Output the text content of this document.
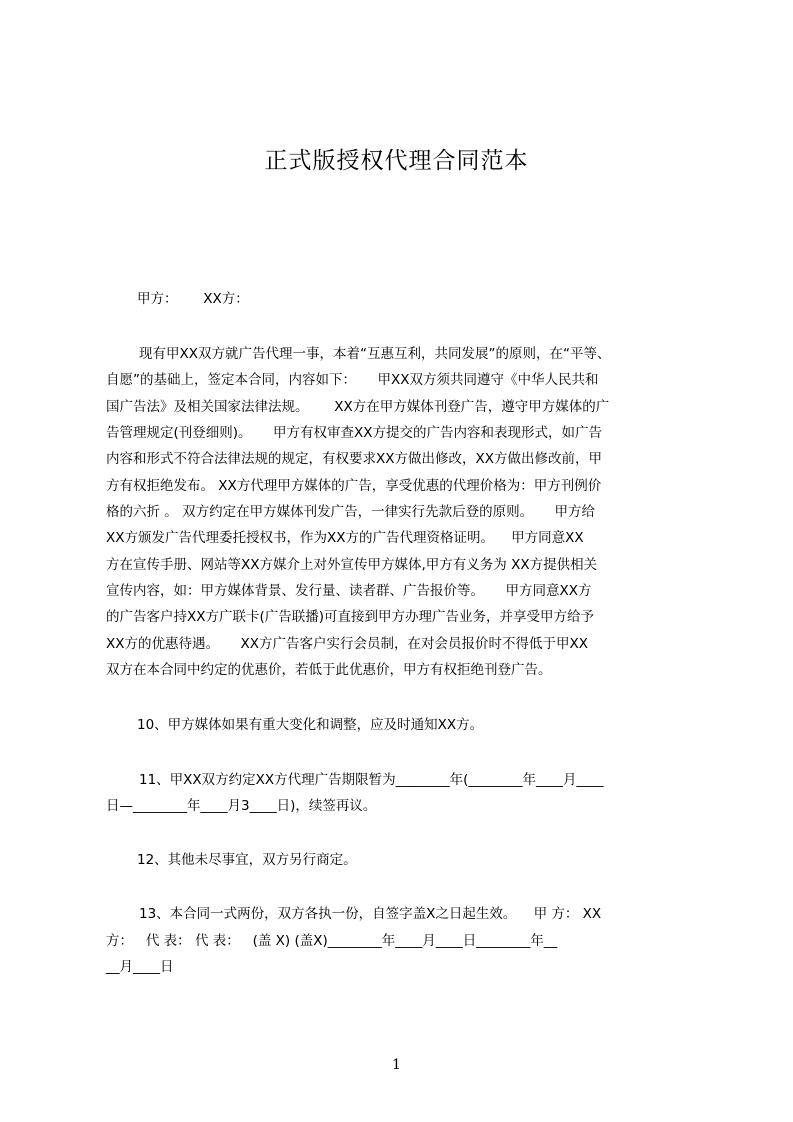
正式版授权代理合同范本
甲方：      XX方：
现有甲XX双方就广告代理一事，本着“互惠互利，共同发展”的原则，在“平等、
自愿”的基础上，签定本合同，内容如下：     甲XX双方须共同遵守《中华人民共和
国广告法》及相关国家法律法规。      XX方在甲方媒体刊登广告，遵守甲方媒体的广
告管理规定(刊登细则)。     甲方有权审查XX方提交的广告内容和表现形式，如广告
内容和形式不符合法律法规的规定，有权要求XX方做出修改，XX方做出修改前，甲
方有权拒绝发布。 XX方代理甲方媒体的广告，享受优惠的代理价格为：甲方刊例价
格的六折 。 双方约定在甲方媒体刊发广告，一律实行先款后登的原则。     甲方给
XX方颁发广告代理委托授权书，作为XX方的广告代理资格证明。    甲方同意XX
方在宣传手册、网站等XX方媒介上对外宣传甲方媒体,甲方有义务为 XX方提供相关
宣传内容，如：甲方媒体背景、发行量、读者群、广告报价等。     甲方同意XX方
的广告客户持XX方广联卡(广告联播)可直接到甲方办理广告业务，并享受甲方给予
XX方的优惠待遇。     XX方广告客户实行会员制，在对会员报价时不得低于甲XX
双方在本合同中约定的优惠价，若低于此优惠价，甲方有权拒绝刊登广告。
10、甲方媒体如果有重大变化和调整，应及时通知XX方。
11、甲XX双方约定XX方代理广告期限暂为________年(________年____月____
日—________年____月3____日)，续签再议。
12、其他未尽事宜，双方另行商定。
13、本合同一式两份，双方各执一份，自签字盖X之日起生效。    甲 方： XX
方：   代 表： 代 表：   (盖 X) (盖X)________年____月____日________年__
__月____日
1
